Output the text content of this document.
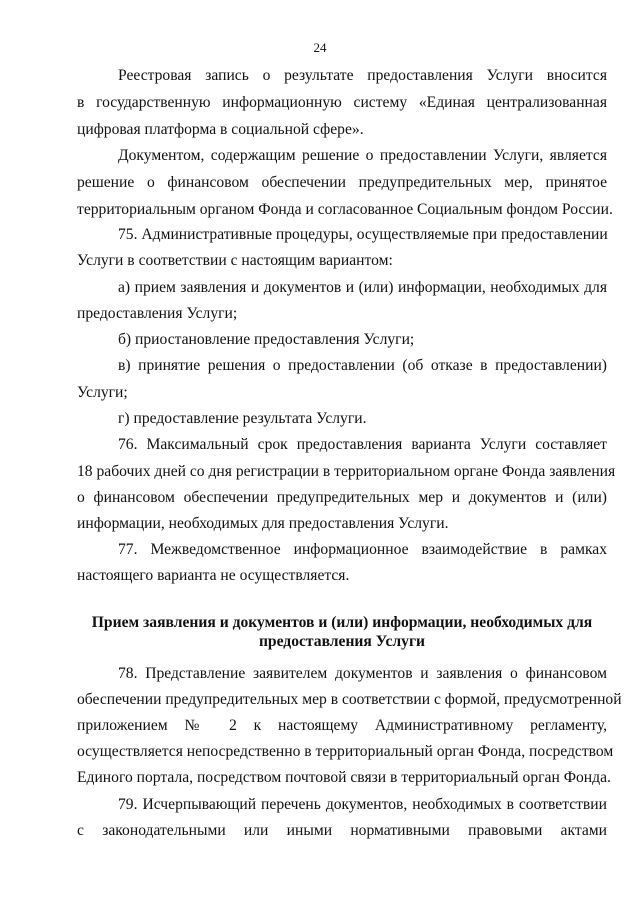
24
Реестровая запись о результате предоставления Услуги вносится
в государственную информационную систему «Единая централизованная
цифровая платформа в социальной сфере».
Документом, содержащим решение о предоставлении Услуги, является
решение о финансовом обеспечении предупредительных мер, принятое
территориальным органом Фонда и согласованное Социальным фондом России.
75. Административные процедуры, осуществляемые при предоставлении
Услуги в соответствии с настоящим вариантом:
а) прием заявления и документов и (или) информации, необходимых для
предоставления Услуги;
б) приостановление предоставления Услуги;
в) принятие решения о предоставлении (об отказе в предоставлении)
Услуги;
г) предоставление результата Услуги.
76. Максимальный срок предоставления варианта Услуги составляет
18 рабочих дней со дня регистрации в территориальном органе Фонда заявления
о финансовом обеспечении предупредительных мер и документов и (или)
информации, необходимых для предоставления Услуги.
77. Межведомственное информационное взаимодействие в рамках
настоящего варианта не осуществляется.
Прием заявления и документов и (или) информации, необходимых для
предоставления Услуги
78. Представление заявителем документов и заявления о финансовом
обеспечении предупредительных мер в соответствии с формой, предусмотренной
приложением № 2 к настоящему Административному регламенту,
осуществляется непосредственно в территориальный орган Фонда, посредством
Единого портала, посредством почтовой связи в территориальный орган Фонда.
79. Исчерпывающий перечень документов, необходимых в соответствии
с законодательными или иными нормативными правовыми актами
